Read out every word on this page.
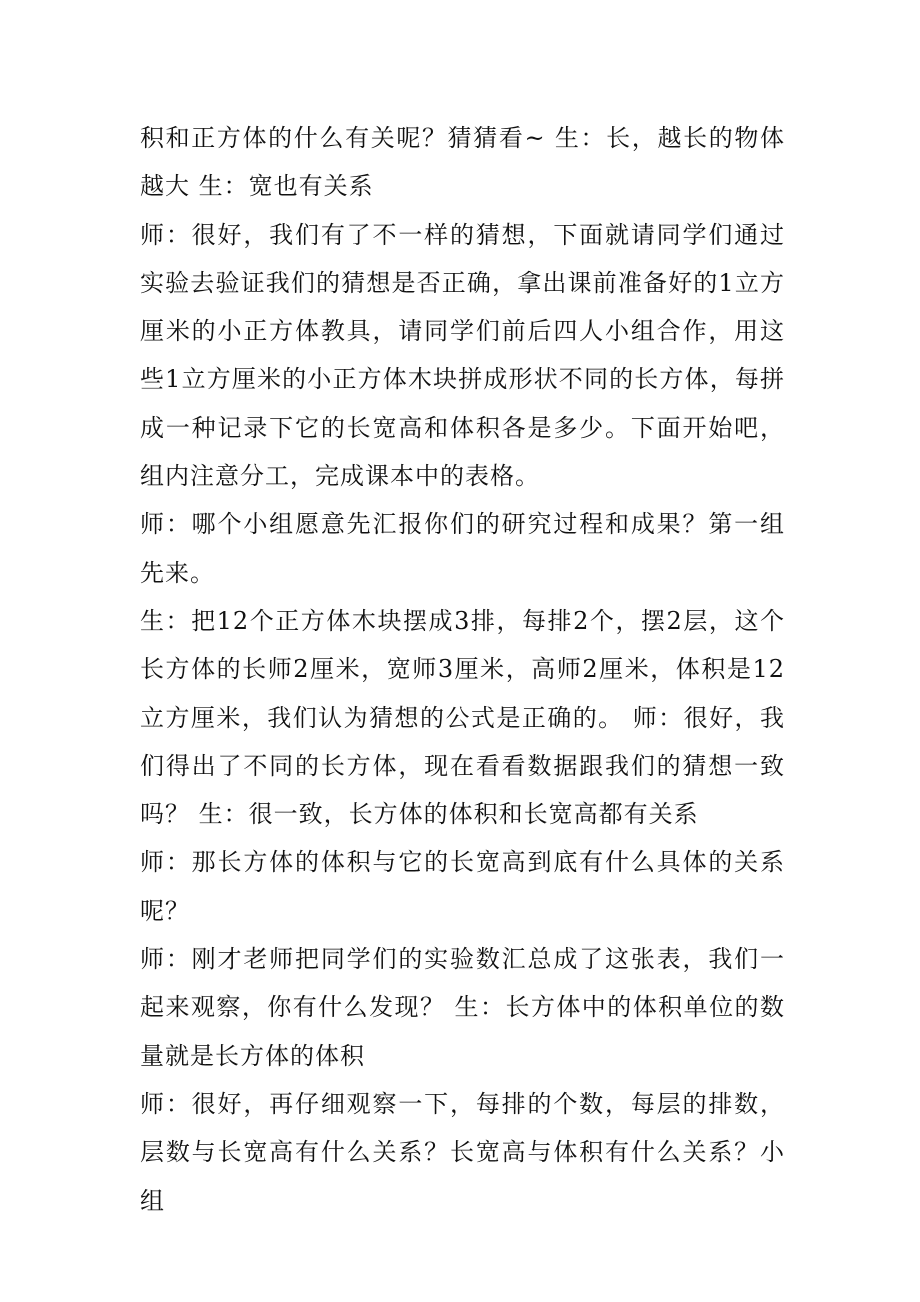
积和正方体的什么有关呢？猜猜看~ 生：长，越长的物体越大 生：宽也有关系

师：很好，我们有了不一样的猜想，下面就请同学们通过实验去验证我们的猜想是否正确，拿出课前准备好的1立方厘米的小正方体教具，请同学们前后四人小组合作，用这些1立方厘米的小正方体木块拼成形状不同的长方体，每拼成一种记录下它的长宽高和体积各是多少。下面开始吧，组内注意分工，完成课本中的表格。

师：哪个小组愿意先汇报你们的研究过程和成果？第一组先来。

生：把12个正方体木块摆成3排，每排2个，摆2层，这个长方体的长师2厘米，宽师3厘米，高师2厘米，体积是12立方厘米，我们认为猜想的公式是正确的。 师：很好，我们得出了不同的长方体，现在看看数据跟我们的猜想一致吗？ 生：很一致，长方体的体积和长宽高都有关系

师：那长方体的体积与它的长宽高到底有什么具体的关系呢？

师：刚才老师把同学们的实验数汇总成了这张表，我们一起来观察，你有什么发现？ 生：长方体中的体积单位的数量就是长方体的体积

师：很好，再仔细观察一下，每排的个数，每层的排数，层数与长宽高有什么关系？长宽高与体积有什么关系？小组
